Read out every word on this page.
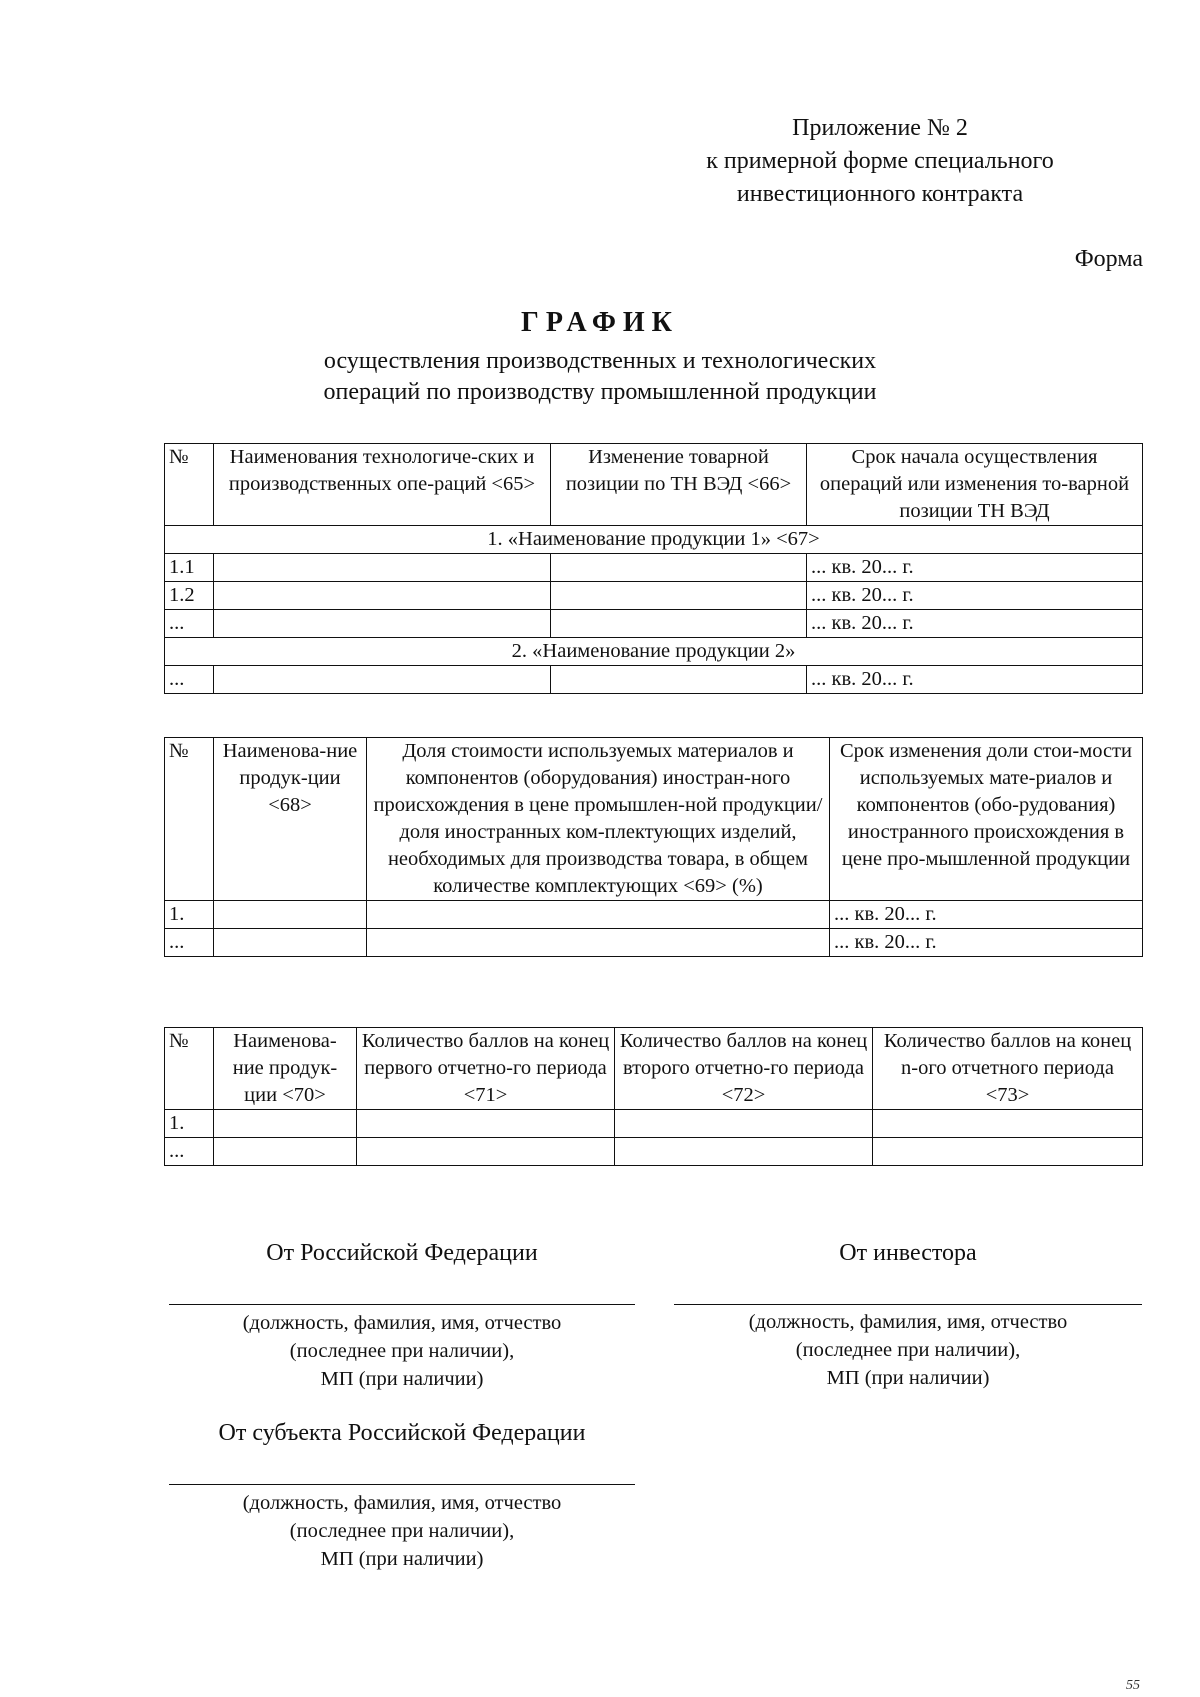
Приложение № 2
к примерной форме специального
инвестиционного контракта
Форма
ГРАФИК
осуществления производственных и технологических
операций по производству промышленной продукции
№	Наименования технологиче-ских и производственных опе-раций <65>	Изменение товарной позиции по ТН ВЭД <66>	Срок начала осуществления операций или изменения то-варной позиции ТН ВЭД
1. «Наименование продукции 1» <67>			
1.1			... кв. 20... г.
1.2			... кв. 20... г.
...			... кв. 20... г.
2. «Наименование продукции 2»			
...			... кв. 20... г.
№	Наименова-ние продук-ции <68>	Доля стоимости используемых материалов и компонентов (оборудования) иностран-ного происхождения в цене промышлен-ной продукции/доля иностранных ком-плектующих изделий, необходимых для производства товара, в общем количестве комплектующих <69> (%)	Срок изменения доли стои-мости используемых мате-риалов и компонентов (обо-рудования) иностранного происхождения в цене про-мышленной продукции
1.			... кв. 20... г.
...			... кв. 20... г.
№	Наименова-ние продук-ции <70>	Количество баллов на конец первого отчетно-го периода <71>	Количество баллов на конец второго отчетно-го периода <72>	Количество баллов на конец n-ого отчетного периода <73>
1.				
...				
От Российской Федерации
(должность, фамилия, имя, отчество
(последнее при наличии),
МП (при наличии)
От инвестора
(должность, фамилия, имя, отчество
(последнее при наличии),
МП (при наличии)
От субъекта Российской Федерации
(должность, фамилия, имя, отчество
(последнее при наличии),
МП (при наличии)
55
